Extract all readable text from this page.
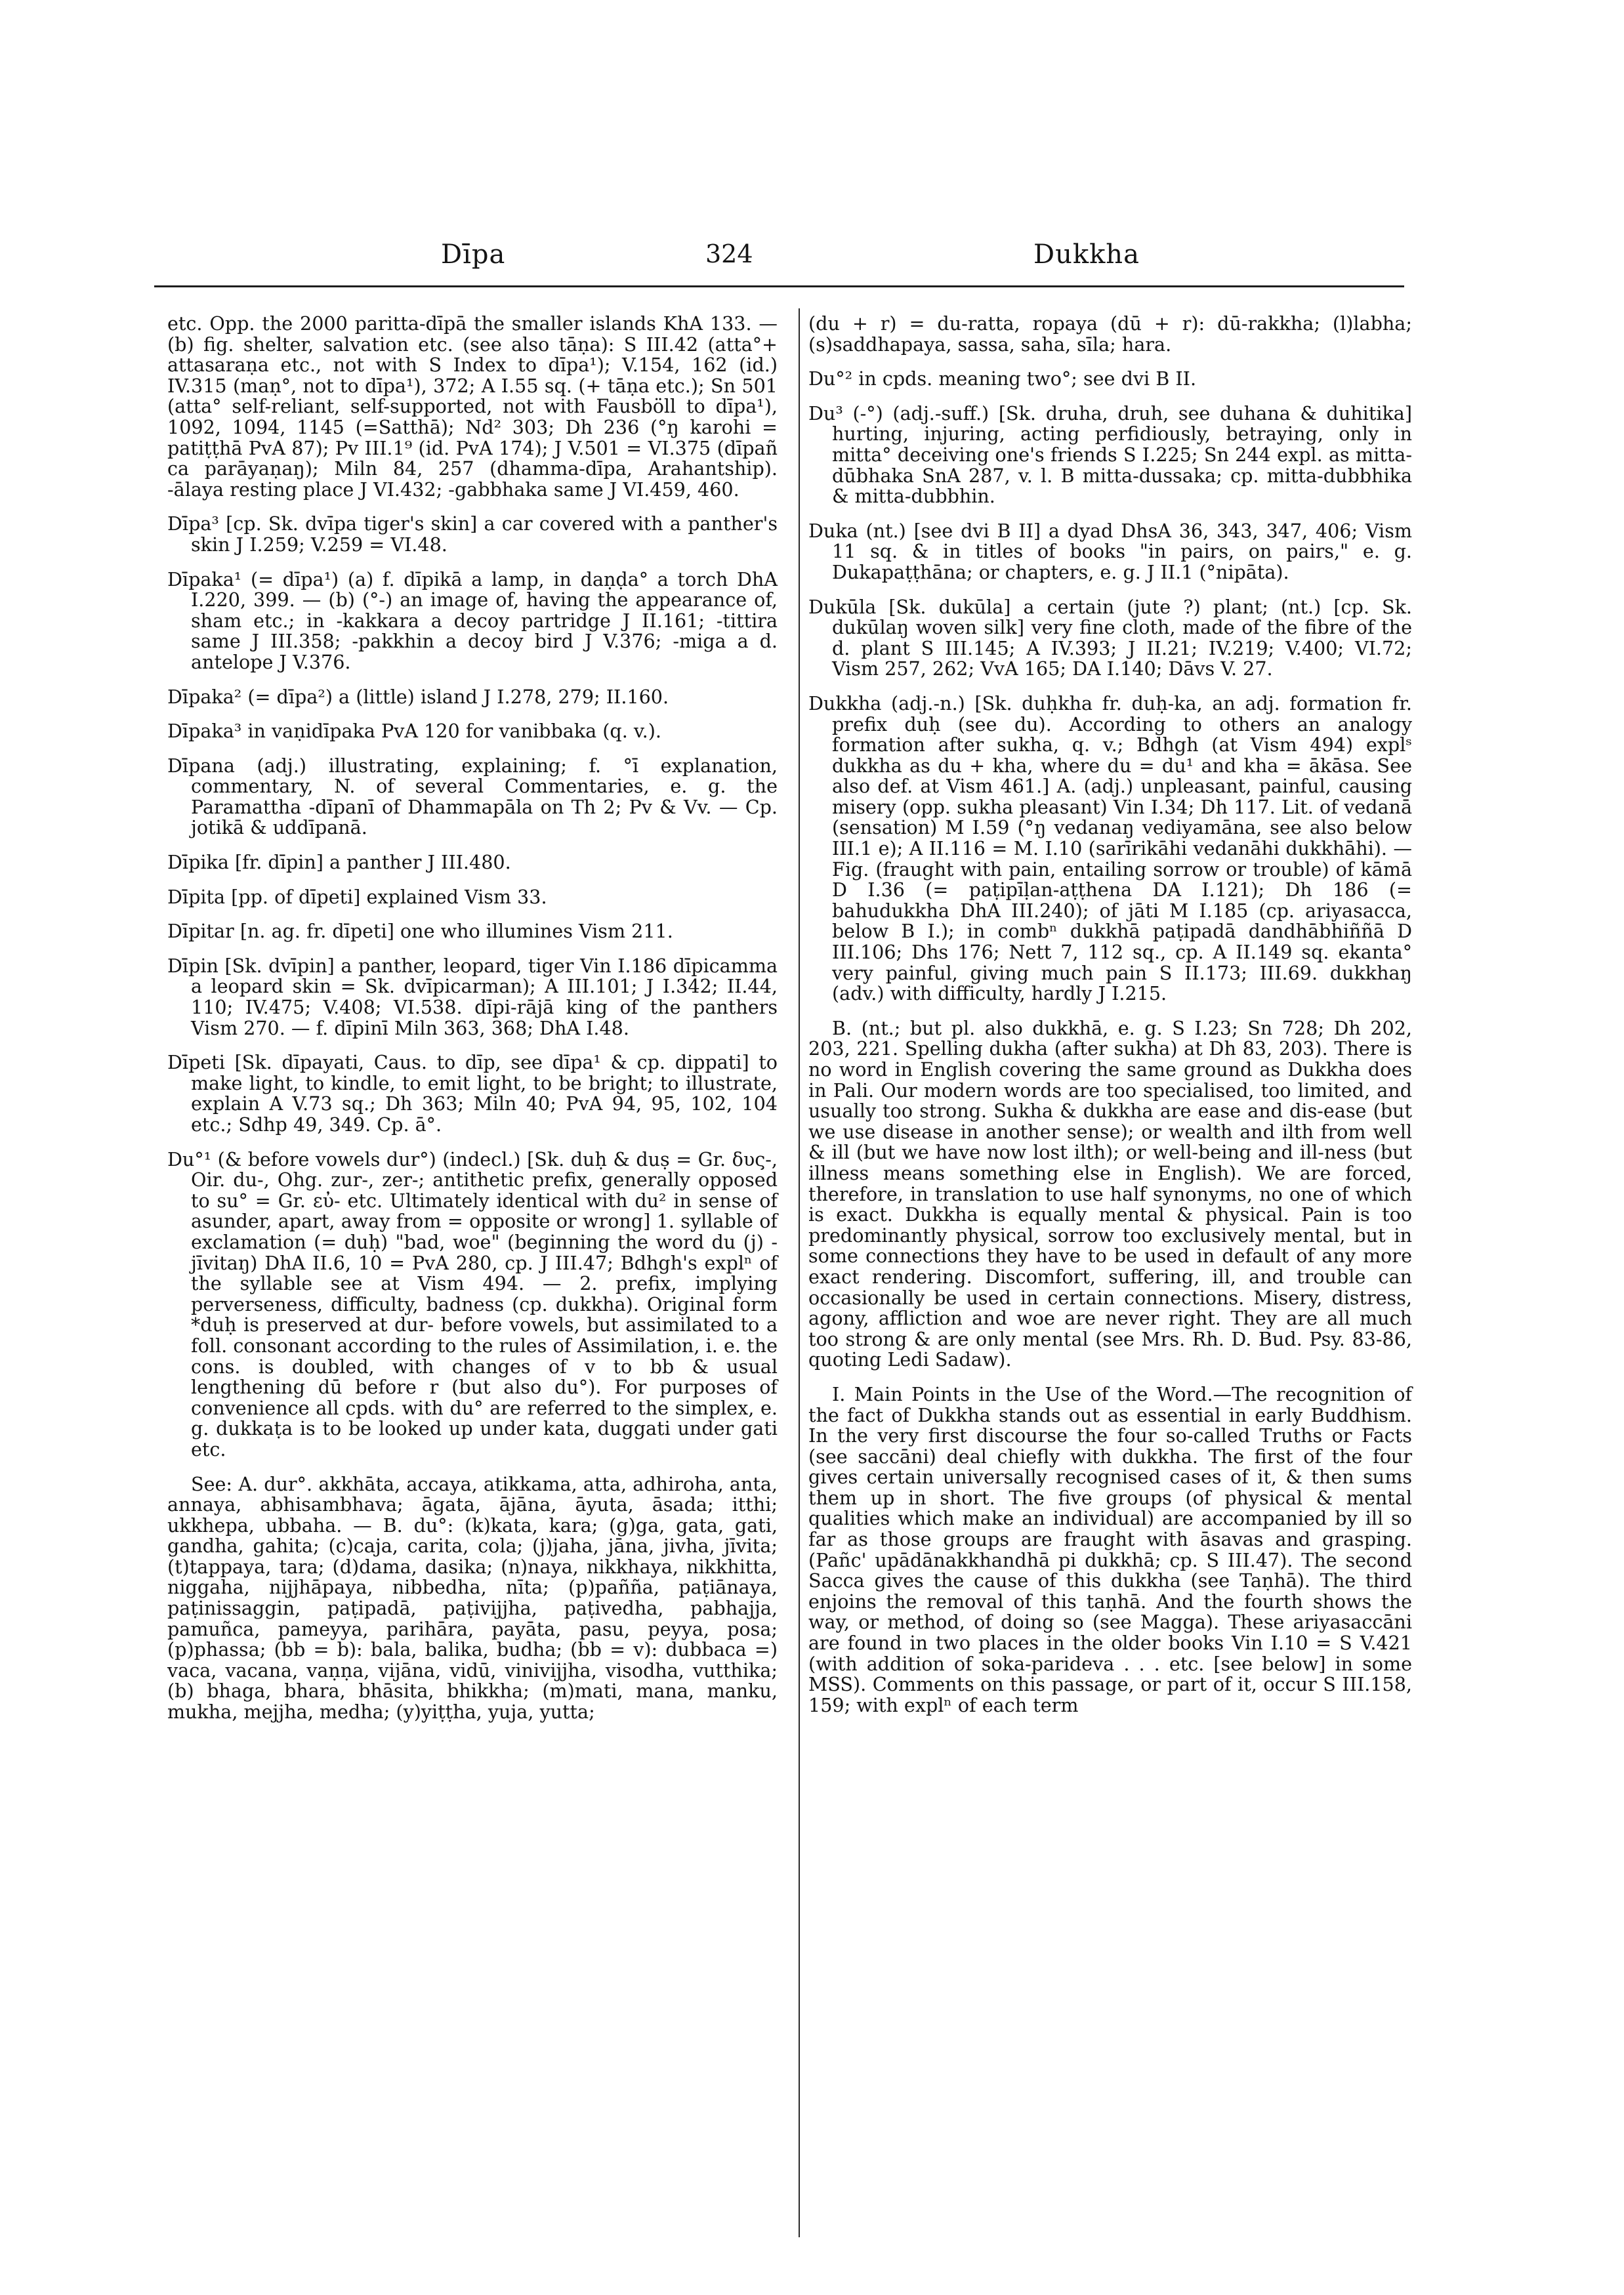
Dīpa	324	Dukkha

etc. Opp. the 2000 paritta-dīpā the smaller islands KhA 133. — (b) fig. shelter, salvation etc. (see also tāṇa): S III.42 (atta°+ attasaraṇa etc., not with S Index to dīpa¹); V.154, 162 (id.) IV.315 (maṇ°, not to dīpa¹), 372; A I.55 sq. (+ tāṇa etc.); Sn 501 (atta° self-reliant, self-supported, not with Fausböll to dīpa¹), 1092, 1094, 1145 (=Satthā); Nd² 303; Dh 236 (°ŋ karohi = patiṭṭhā PvA 87); Pv III.1⁹ (id. PvA 174); J V.501 = VI.375 (dīpañ ca parāyaṇaŋ); Miln 84, 257 (dhamma-dīpa, Arahantship). -ālaya resting place J VI.432; -gabbhaka same J VI.459, 460.

Dīpa³ [cp. Sk. dvīpa tiger's skin] a car covered with a panther's skin J I.259; V.259 = VI.48.

Dīpaka¹ (= dīpa¹) (a) f. dīpikā a lamp, in daṇḍa° a torch DhA I.220, 399. — (b) (°-) an image of, having the appearance of, sham etc.; in -kakkara a decoy partridge J II.161; -tittira same J III.358; -pakkhin a decoy bird J V.376; -miga a d. antelope J V.376.

Dīpaka² (= dīpa²) a (little) island J I.278, 279; II.160.

Dīpaka³ in vaṇidīpaka PvA 120 for vanibbaka (q. v.).

Dīpana (adj.) illustrating, explaining; f. °ī explanation, commentary, N. of several Commentaries, e. g. the Paramattha -dīpanī of Dhammapāla on Th 2; Pv & Vv. — Cp. jotikā & uddīpanā.

Dīpika [fr. dīpin] a panther J III.480.

Dīpita [pp. of dīpeti] explained Vism 33.

Dīpitar [n. ag. fr. dīpeti] one who illumines Vism 211.

Dīpin [Sk. dvīpin] a panther, leopard, tiger Vin I.186 dīpicamma a leopard skin = Sk. dvīpicarman); A III.101; J I.342; II.44, 110; IV.475; V.408; VI.538. dīpi-rājā king of the panthers Vism 270. — f. dīpinī Miln 363, 368; DhA I.48.

Dīpeti [Sk. dīpayati, Caus. to dīp, see dīpa¹ & cp. dippati] to make light, to kindle, to emit light, to be bright; to illustrate, explain A V.73 sq.; Dh 363; Miln 40; PvA 94, 95, 102, 104 etc.; Sdhp 49, 349. Cp. ā°.

Du°¹ (& before vowels dur°) (indecl.) [Sk. duḥ & duṣ = Gr. δυς-, Oir. du-, Ohg. zur-, zer-; antithetic prefix, generally opposed to su° = Gr. εὐ- etc. Ultimately identical with du² in sense of asunder, apart, away from = opposite or wrong] 1. syllable of exclamation (= duḥ) "bad, woe" (beginning the word du (j) -jīvitaŋ) DhA II.6, 10 = PvA 280, cp. J III.47; Bdhgh's explⁿ of the syllable see at Vism 494. — 2. prefix, implying perverseness, difficulty, badness (cp. dukkha). Original form *duḥ is preserved at dur- before vowels, but assimilated to a foll. consonant according to the rules of Assimilation, i. e. the cons. is doubled, with changes of v to bb & usual lengthening dū before r (but also du°). For purposes of convenience all cpds. with du° are referred to the simplex, e. g. dukkaṭa is to be looked up under kata, duggati under gati etc.

See: A. dur°. akkhāta, accaya, atikkama, atta, adhiroha, anta, annaya, abhisambhava; āgata, ājāna, āyuta, āsada; itthi; ukkhepa, ubbaha. — B. du°: (k)kata, kara; (g)ga, gata, gati, gandha, gahita; (c)caja, carita, cola; (j)jaha, jāna, jivha, jīvita; (t)tappaya, tara; (d)dama, dasika; (n)naya, nikkhaya, nikkhitta, niggaha, nijjhāpaya, nibbedha, nīta; (p)pañña, paṭiānaya, paṭinissaggin, paṭipadā, paṭivijjha, paṭivedha, pabhajja, pamuñca, pameyya, parihāra, payāta, pasu, peyya, posa; (p)phassa; (bb = b): bala, balika, budha; (bb = v): dubbaca =) vaca, vacana, vaṇṇa, vijāna, vidū, vinivijjha, visodha, vutthika; (b) bhaga, bhara, bhāsita, bhikkha; (m)mati, mana, manku, mukha, mejjha, medha; (y)yiṭṭha, yuja, yutta;

(du + r) = du-ratta, ropaya (dū + r): dū-rakkha; (l)labha; (s)saddhapaya, sassa, saha, sīla; hara.

Du°² in cpds. meaning two°; see dvi B II.

Du³ (-°) (adj.-suff.) [Sk. druha, druh, see duhana & duhitika] hurting, injuring, acting perfidiously, betraying, only in mitta° deceiving one's friends S I.225; Sn 244 expl. as mitta-dūbhaka SnA 287, v. l. B mitta-dussaka; cp. mitta-dubbhika & mitta-dubbhin.

Duka (nt.) [see dvi B II] a dyad DhsA 36, 343, 347, 406; Vism 11 sq. & in titles of books "in pairs, on pairs," e. g. Dukapaṭṭhāna; or chapters, e. g. J II.1 (°nipāta).

Dukūla [Sk. dukūla] a certain (jute ?) plant; (nt.) [cp. Sk. dukūlaŋ woven silk] very fine cloth, made of the fibre of the d. plant S III.145; A IV.393; J II.21; IV.219; V.400; VI.72; Vism 257, 262; VvA 165; DA I.140; Dāvs V. 27.

Dukkha (adj.-n.) [Sk. duḥkha fr. duḥ-ka, an adj. formation fr. prefix duḥ (see du). According to others an analogy formation after sukha, q. v.; Bdhgh (at Vism 494) explˢ dukkha as du + kha, where du = du¹ and kha = ākāsa. See also def. at Vism 461.] A. (adj.) unpleasant, painful, causing misery (opp. sukha pleasant) Vin I.34; Dh 117. Lit. of vedanā (sensation) M I.59 (°ŋ vedanaŋ vediyamāna, see also below III.1 e); A II.116 = M. I.10 (sarīrikāhi vedanāhi dukkhāhi). — Fig. (fraught with pain, entailing sorrow or trouble) of kāmā D I.36 (= paṭipīḷan-aṭṭhena DA I.121); Dh 186 (= bahudukkha DhA III.240); of jāti M I.185 (cp. ariyasacca, below B I.); in combⁿ dukkhā paṭipadā dandhābhiññā D III.106; Dhs 176; Nett 7, 112 sq., cp. A II.149 sq. ekanta° very painful, giving much pain S II.173; III.69. dukkhaŋ (adv.) with difficulty, hardly J I.215.

B. (nt.; but pl. also dukkhā, e. g. S I.23; Sn 728; Dh 202, 203, 221. Spelling dukha (after sukha) at Dh 83, 203). There is no word in English covering the same ground as Dukkha does in Pali. Our modern words are too specialised, too limited, and usually too strong. Sukha & dukkha are ease and dis-ease (but we use disease in another sense); or wealth and ilth from well & ill (but we have now lost ilth); or well-being and ill-ness (but illness means something else in English). We are forced, therefore, in translation to use half synonyms, no one of which is exact. Dukkha is equally mental & physical. Pain is too predominantly physical, sorrow too exclusively mental, but in some connections they have to be used in default of any more exact rendering. Discomfort, suffering, ill, and trouble can occasionally be used in certain connections. Misery, distress, agony, affliction and woe are never right. They are all much too strong & are only mental (see Mrs. Rh. D. Bud. Psy. 83-86, quoting Ledi Sadaw).

I. Main Points in the Use of the Word.—The recognition of the fact of Dukkha stands out as essential in early Buddhism. In the very first discourse the four so-called Truths or Facts (see saccāni) deal chiefly with dukkha. The first of the four gives certain universally recognised cases of it, & then sums them up in short. The five groups (of physical & mental qualities which make an individual) are accompanied by ill so far as those groups are fraught with āsavas and grasping. (Pañc' upādānakkhandhā pi dukkhā; cp. S III.47). The second Sacca gives the cause of this dukkha (see Taṇhā). The third enjoins the removal of this taṇhā. And the fourth shows the way, or method, of doing so (see Magga). These ariyasaccāni are found in two places in the older books Vin I.10 = S V.421 (with addition of soka-parideva . . . etc. [see below] in some MSS). Comments on this passage, or part of it, occur S III.158, 159; with explⁿ of each term
